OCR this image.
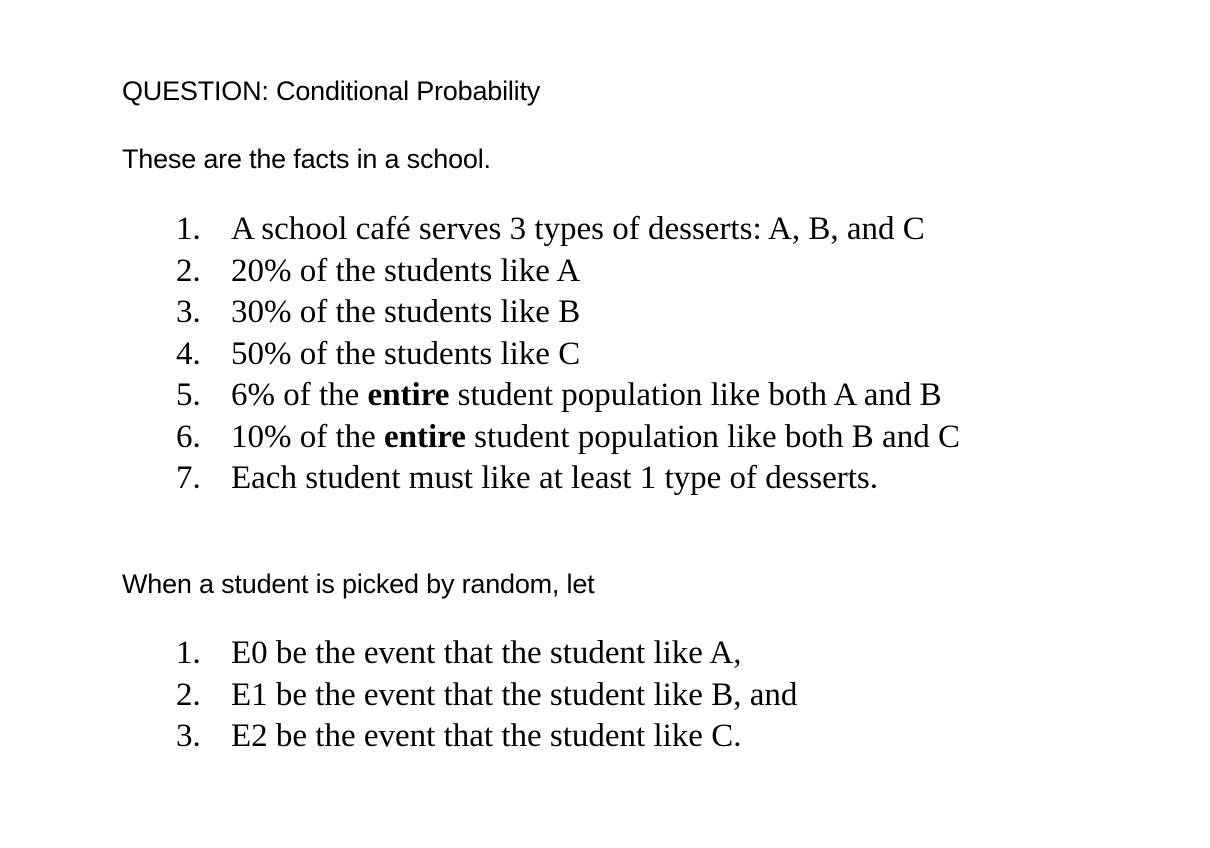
QUESTION: Conditional Probability
These are the facts in a school.
1. A school café serves 3 types of desserts: A, B, and C
2. 20% of the students like A
3. 30% of the students like B
4. 50% of the students like C
5. 6% of the entire student population like both A and B
6. 10% of the entire student population like both B and C
7. Each student must like at least 1 type of desserts.
When a student is picked by random, let
1. E0 be the event that the student like A,
2. E1 be the event that the student like B, and
3. E2 be the event that the student like C.
